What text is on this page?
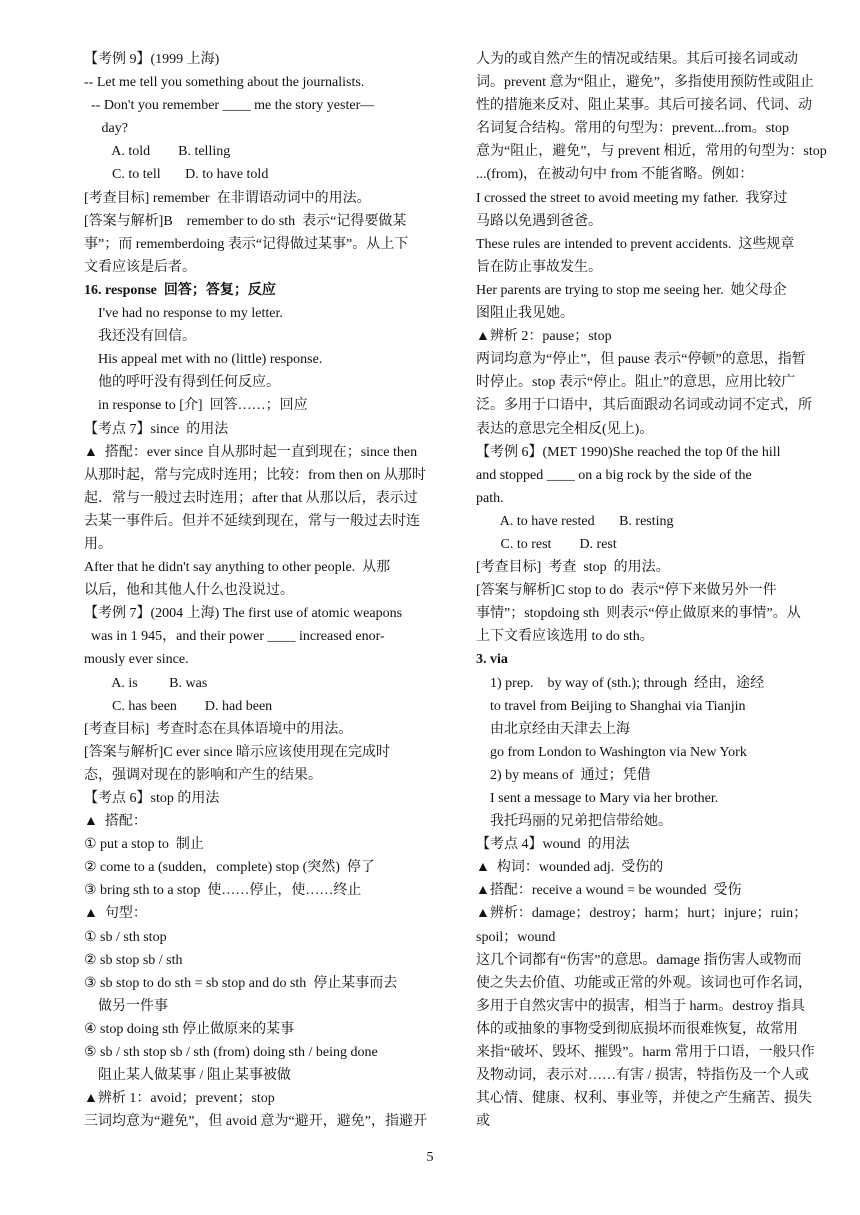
【考例 9】(1999 上海)
-- Let me tell you something about the journalists.
-- Don't you remember ____ me the story yester—
day?
A. told        B. telling
C. to tell       D. to have told
[考查目标] remember  在非谓语动词中的用法。
[答案与解析]B    remember to do sth  表示“记得要做某
事”；而 rememberdoing 表示“记得做过某事”。从上下
文看应该是后者。
16. response  回答；答复；反应
I've had no response to my letter.
我还没有回信。
His appeal met with no (little) response.
他的呼吁没有得到任何反应。
in response to [介]  回答……；回应
【考点 7】since  的用法
▲  搭配：ever since 自从那时起一直到现在；since then
从那时起，常与完成时连用；比较：from then on 从那时
起．常与一般过去时连用；after that 从那以后，表示过
去某一事件后。但并不延续到现在，常与一般过去时连
用。
After that he didn't say anything to other people.  从那
以后，他和其他人什么也没说过。
【考例 7】(2004 上海) The first use of atomic weapons
was in 1 945，and their power ____ increased enor-
mously ever since.
A. is         B. was
C. has been        D. had been
[考查目标]  考查时态在具体语境中的用法。
[答案与解析]C ever since 暗示应该使用现在完成时
态，强调对现在的影响和产生的结果。
【考点 6】stop 的用法
▲  搭配：
① put a stop to  制止
② come to a (sudden，complete) stop (突然)  停了
③ bring sth to a stop  使……停止，使……终止
▲  句型：
① sb / sth stop
② sb stop sb / sth
③ sb stop to do sth = sb stop and do sth  停止某事而去
做另一件事
④ stop doing sth 停止做原来的某事
⑤ sb / sth stop sb / sth (from) doing sth / being done
阻止某人做某事 / 阻止某事被做
▲辨析 1：avoid；prevent；stop
三词均意为“避免”，但 avoid 意为“避开，避免”，指避开
人为的或自然产生的情况或结果。其后可接名词或动
词。prevent 意为“阻止，避免”，多指使用预防性或阻止
性的措施来反对、阻止某事。其后可接名词、代词、动
名词复合结构。常用的句型为：prevent...from。stop
意为“阻止，避免”，与 prevent 相近，常用的句型为：stop
...(from)，在被动句中 from 不能省略。例如：
I crossed the street to avoid meeting my father.  我穿过
马路以免遇到爸爸。
These rules are intended to prevent accidents.  这些规章
旨在防止事故发生。
Her parents are trying to stop me seeing her.  她父母企
图阻止我见她。
▲辨析 2：pause；stop
两词均意为“停止”，但 pause 表示“停顿”的意思，指暂
时停止。stop 表示“停止。阻止”的意思，应用比较广
泛。多用于口语中，其后面跟动名词或动词不定式，所
表达的意思完全相反(见上)。
【考例 6】(MET 1990)She reached the top 0f the hill
and stopped ____ on a big rock by the side of the
path.
A. to have rested       B. resting
C. to rest        D. rest
[考查目标]  考查  stop  的用法。
[答案与解析]C stop to do  表示“停下来做另外一件
事情”；stopdoing sth  则表示“停止做原来的事情”。从
上下文看应该选用 to do sth。
3. via
1) prep.    by way of (sth.); through  经由，途经
to travel from Beijing to Shanghai via Tianjin
由北京经由天津去上海
go from London to Washington via New York
2) by means of  通过；凭借
I sent a message to Mary via her brother.
我托玛丽的兄弟把信带给她。
【考点 4】wound  的用法
▲  构词：wounded adj.  受伤的
▲搭配：receive a wound = be wounded  受伤
▲辨析：damage；destroy；harm；hurt；injure；ruin；
spoil；wound
这几个词都有“伤害”的意思。damage 指伤害人或物而
使之失去价值、功能或正常的外观。该词也可作名词，
多用于自然灾害中的损害，相当于 harm。destroy 指具
体的或抽象的事物受到彻底损坏而很难恢复，故常用
来指“破坏、毁坏、摧毁”。harm 常用于口语，一般只作
及物动词，表示对……有害 / 损害，特指伤及一个人或
其心情、健康、权利、事业等，并使之产生痛苦、损失
或
5
